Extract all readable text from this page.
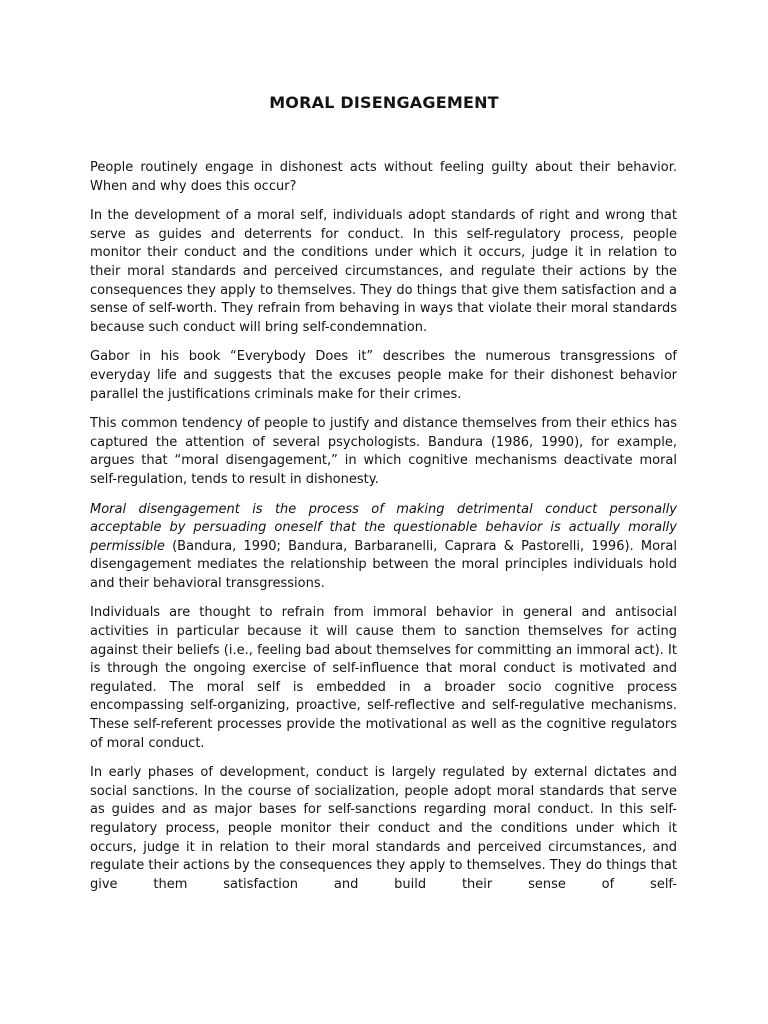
MORAL DISENGAGEMENT

People routinely engage in dishonest acts without feeling guilty about their behavior. When and why does this occur?

In the development of a moral self, individuals adopt standards of right and wrong that serve as guides and deterrents for conduct. In this self-regulatory process, people monitor their conduct and the conditions under which it occurs, judge it in relation to their moral standards and perceived circumstances, and regulate their actions by the consequences they apply to themselves. They do things that give them satisfaction and a sense of self-worth. They refrain from behaving in ways that violate their moral standards because such conduct will bring self-condemnation.

Gabor in his book “Everybody Does it” describes the numerous transgressions of everyday life and suggests that the excuses people make for their dishonest behavior parallel the justifications criminals make for their crimes.

This common tendency of people to justify and distance themselves from their ethics has captured the attention of several psychologists. Bandura (1986, 1990), for example, argues that “moral disengagement,” in which cognitive mechanisms deactivate moral self-regulation, tends to result in dishonesty.

Moral disengagement is the process of making detrimental conduct personally acceptable by persuading oneself that the questionable behavior is actually morally permissible (Bandura, 1990; Bandura, Barbaranelli, Caprara & Pastorelli, 1996). Moral disengagement mediates the relationship between the moral principles individuals hold and their behavioral transgressions.

Individuals are thought to refrain from immoral behavior in general and antisocial activities in particular because it will cause them to sanction themselves for acting against their beliefs (i.e., feeling bad about themselves for committing an immoral act). It is through the ongoing exercise of self-influence that moral conduct is motivated and regulated. The moral self is embedded in a broader socio cognitive process encompassing self-organizing, proactive, self-reflective and self-regulative mechanisms. These self-referent processes provide the motivational as well as the cognitive regulators of moral conduct.

In early phases of development, conduct is largely regulated by external dictates and social sanctions. In the course of socialization, people adopt moral standards that serve as guides and as major bases for self-sanctions regarding moral conduct. In this self-regulatory process, people monitor their conduct and the conditions under which it occurs, judge it in relation to their moral standards and perceived circumstances, and regulate their actions by the consequences they apply to themselves. They do things that give them satisfaction and build their sense of self-
